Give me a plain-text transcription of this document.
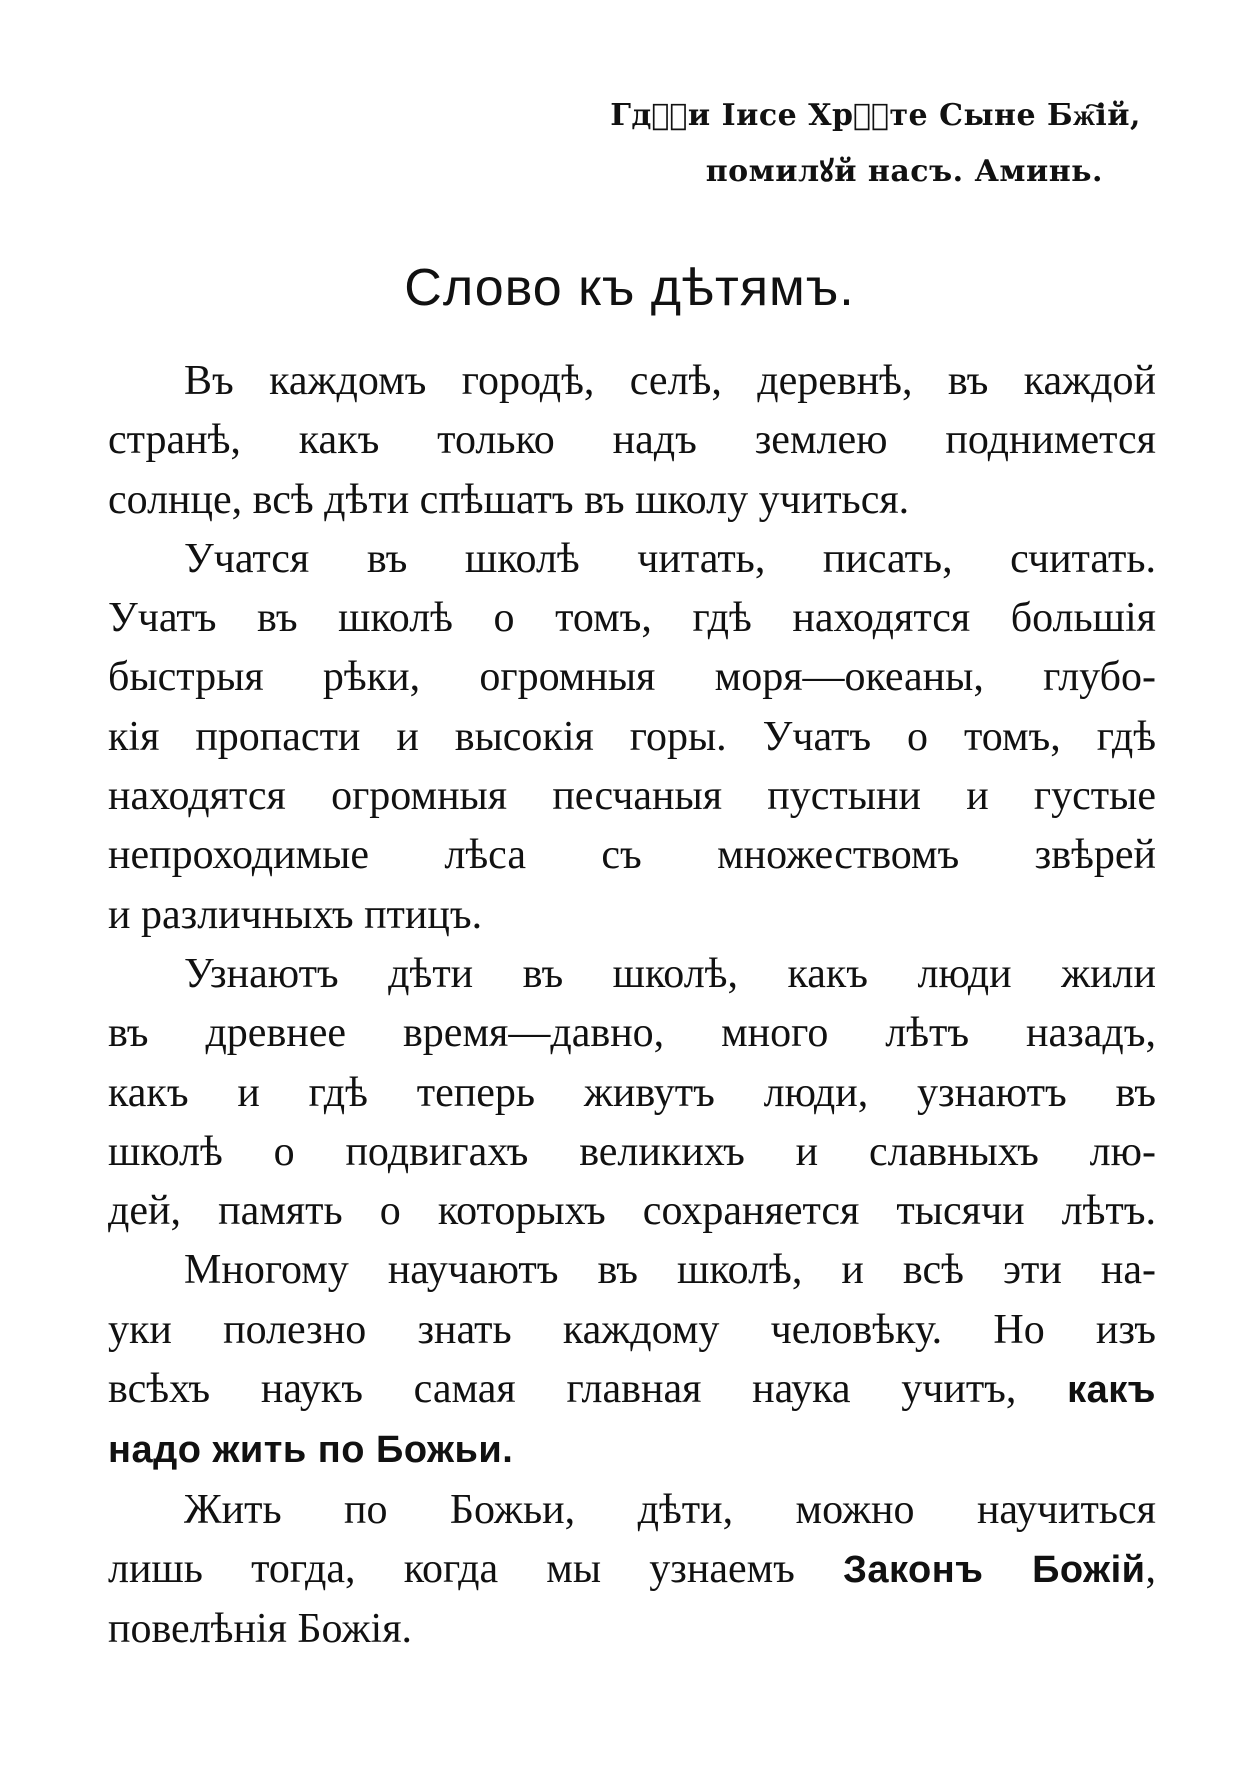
Гдⷭ҇и Іисе Хрⷭ҇те Сыне Бж҇ій,
помилꙋй насъ. Аминь.
Слово къ дѣтямъ.

Въ каждомъ городѣ, селѣ, деревнѣ, въ каждой
странѣ, какъ только надъ землею поднимется
солнце, всѣ дѣти спѣшатъ въ школу учиться.

Учатся въ школѣ читать, писать, считать.
Учатъ въ школѣ о томъ, гдѣ находятся большія
быстрыя рѣки, огромныя моря—океаны, глубо-
кія пропасти и высокія горы. Учатъ о томъ, гдѣ
находятся огромныя песчаныя пустыни и густые
непроходимые лѣса съ множествомъ звѣрей
и различныхъ птицъ.

Узнаютъ дѣти въ школѣ, какъ люди жили
въ древнее время—давно, много лѣтъ назадъ,
какъ и гдѣ теперь живутъ люди, узнаютъ въ
школѣ о подвигахъ великихъ и славныхъ лю-
дей, память о которыхъ сохраняется тысячи лѣтъ.

Многому научаютъ въ школѣ, и всѣ эти на-
уки полезно знать каждому человѣку. Но изъ
всѣхъ наукъ самая главная наука учитъ, какъ
надо жить по Божьи.

Жить по Божьи, дѣти, можно научиться
лишь тогда, когда мы узнаемъ Законъ Божій,
повелѣнія Божія.
